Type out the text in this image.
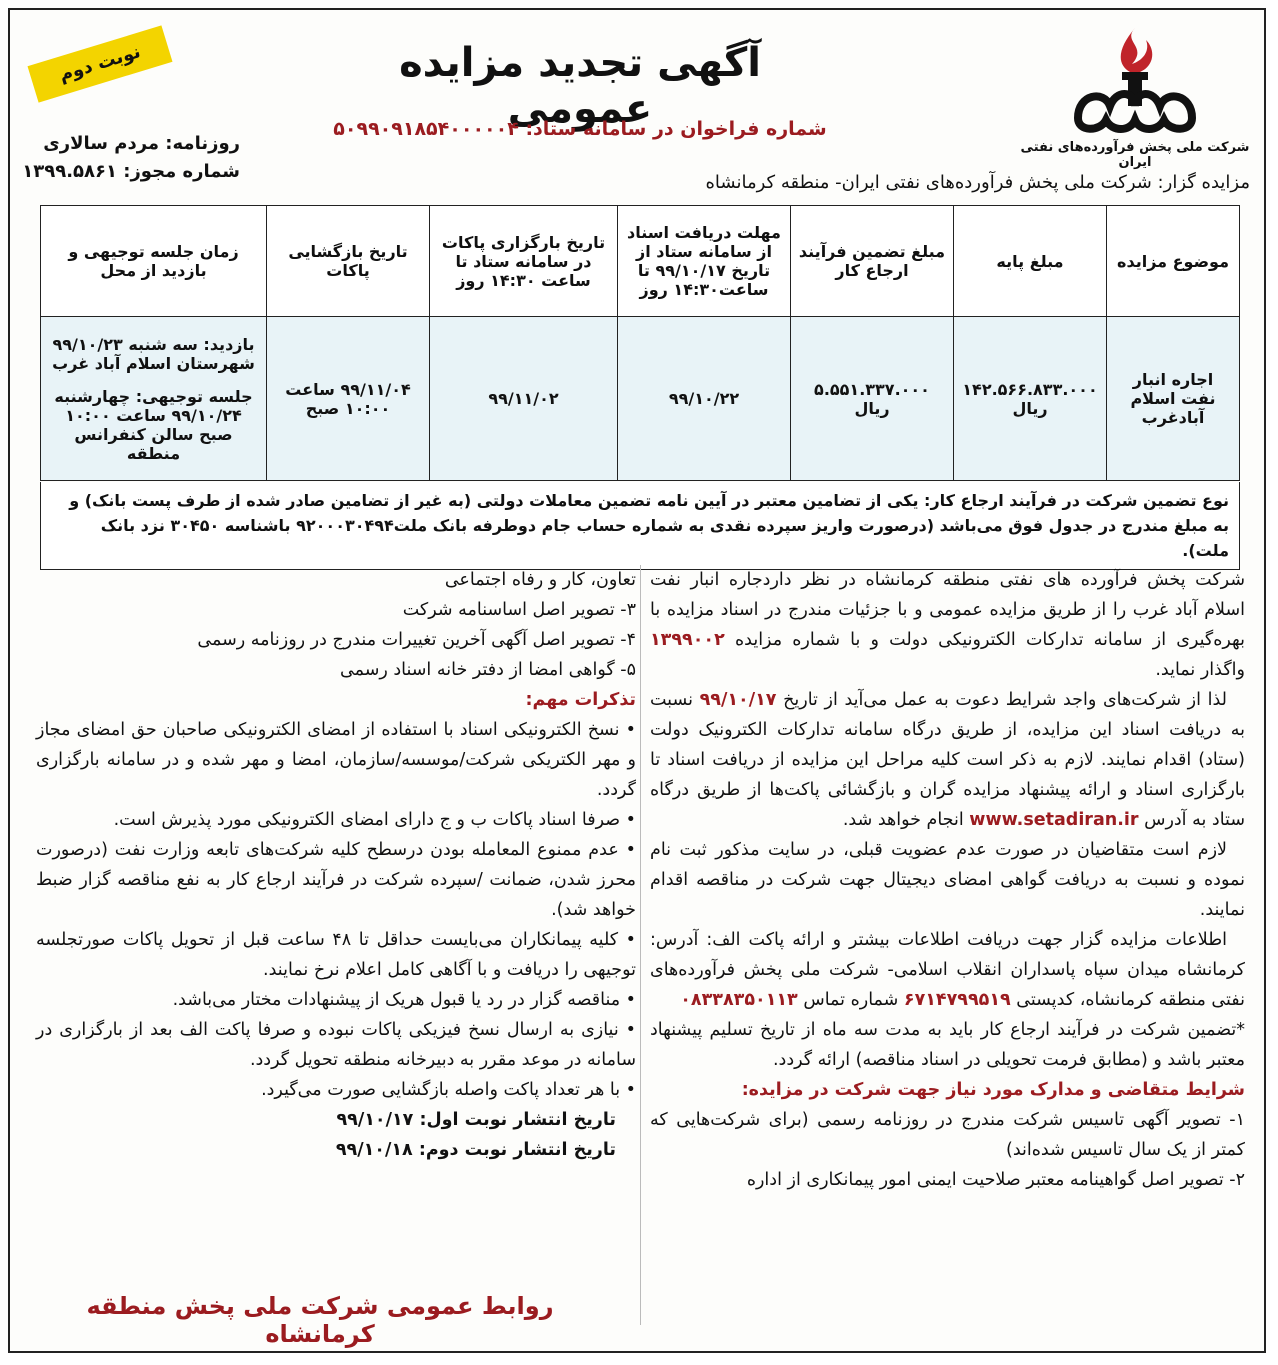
شرکت ملی پخش فرآورده‌های نفتی ایران
آگهی تجدید مزایده عمومی
شماره فراخوان در سامانه ستاد: ۵۰۹۹۰۹۱۸۵۴۰۰۰۰۰۴
نوبت دوم
روزنامه: مردم سالاری
شماره مجوز: ۱۳۹۹.۵۸۶۱
مزایده گزار: شرکت ملی پخش فرآورده‌های نفتی ایران- منطقه کرمانشاه
موضوع مزایده	مبلغ پایه	مبلغ تضمین فرآیند ارجاع کار	مهلت دریافت اسناد از سامانه ستاد از تاریخ ۹۹/۱۰/۱۷ تا ساعت۱۴:۳۰ روز	تاریخ بارگزاری پاکات در سامانه ستاد تا ساعت ۱۴:۳۰ روز	تاریخ بازگشایی پاکات	زمان جلسه توجیهی و بازدید از محل
اجاره انبار نفت اسلام آبادغرب	۱۴۲.۵۶۶.۸۳۳.۰۰۰ ریال	۵.۵۵۱.۳۳۷.۰۰۰ ریال	۹۹/۱۰/۲۲	۹۹/۱۱/۰۲	۹۹/۱۱/۰۴ ساعت ۱۰:۰۰ صبح	بازدید: سه شنبه ۹۹/۱۰/۲۳ شهرستان اسلام آباد غرب
جلسه توجیهی: چهارشنبه ۹۹/۱۰/۲۴ ساعت ۱۰:۰۰ صبح سالن کنفرانس منطقه
نوع تضمین شرکت در فرآیند ارجاع کار: یکی از تضامین معتبر در آیین نامه تضمین معاملات دولتی (به غیر از تضامین صادر شده از طرف پست بانک) و به مبلغ مندرج در جدول فوق می‌باشد (درصورت واریز سپرده نقدی به شماره حساب جام دوطرفه بانک ملت۹۲۰۰۰۳۰۴۹۴ باشناسه ۳۰۴۵۰ نزد بانک ملت).

شرکت پخش فرآورده های نفتی منطقه کرمانشاه در نظر داردجاره انبار نفت اسلام آباد غرب را از طریق مزایده عمومی و با جزئیات مندرج در اسناد مزایده با بهره‌گیری از سامانه تدارکات الکترونیکی دولت و با شماره مزایده ۱۳۹۹۰۰۲ واگذار نماید.

لذا از شرکت‌های واجد شرایط دعوت به عمل می‌آید از تاریخ ۹۹/۱۰/۱۷ نسبت به دریافت اسناد این مزایده، از طریق درگاه سامانه تدارکات الکترونیک دولت (ستاد) اقدام نمایند. لازم به ذکر است کلیه مراحل این مزایده از دریافت اسناد تا بارگزاری اسناد و ارائه پیشنهاد مزایده گران و بازگشائی پاکت‌ها از طریق درگاه ستاد به آدرس www.setadiran.ir انجام خواهد شد.

لازم است متقاضیان در صورت عدم عضویت قبلی، در سایت مذکور ثبت نام نموده و نسبت به دریافت گواهی امضای دیجیتال جهت شرکت در مناقصه اقدام نمایند.

اطلاعات مزایده گزار جهت دریافت اطلاعات بیشتر و ارائه پاکت الف: آدرس: کرمانشاه میدان سپاه پاسداران انقلاب اسلامی- شرکت ملی پخش فرآورده‌های نفتی منطقه کرمانشاه، کدپستی ۶۷۱۴۷۹۹۵۱۹ شماره تماس ۰۸۳۳۸۳۵۰۱۱۳

*تضمین شرکت در فرآیند ارجاع کار باید به مدت سه ماه از تاریخ تسلیم پیشنهاد معتبر باشد و (مطابق فرمت تحویلی در اسناد مناقصه) ارائه گردد.

شرایط متقاضی و مدارک مورد نیاز جهت شرکت در مزایده:

۱- تصویر آگهی تاسیس شرکت مندرج در روزنامه رسمی (برای شرکت‌هایی که کمتر از یک سال تاسیس شده‌اند)

۲- تصویر اصل گواهینامه معتبر صلاحیت ایمنی امور پیمانکاری از اداره

تعاون، کار و رفاه اجتماعی

۳- تصویر اصل اساسنامه شرکت

۴- تصویر اصل آگهی آخرین تغییرات مندرج در روزنامه رسمی

۵- گواهی امضا از دفتر خانه اسناد رسمی

تذکرات مهم:

• نسخ الکترونیکی اسناد با استفاده از امضای الکترونیکی صاحبان حق امضای مجاز و مهر الکتریکی شرکت/موسسه/سازمان، امضا و مهر شده و در سامانه بارگزاری گردد.

• صرفا اسناد پاکات ب و ج دارای امضای الکترونیکی مورد پذیرش است.

• عدم ممنوع المعامله بودن درسطح کلیه شرکت‌های تابعه وزارت نفت (درصورت محرز شدن، ضمانت /سپرده شرکت در فرآیند ارجاع کار به نفع مناقصه گزار ضبط خواهد شد).

• کلیه پیمانکاران می‌بایست حداقل تا ۴۸ ساعت قبل از تحویل پاکات صورتجلسه توجیهی را دریافت و با آگاهی کامل اعلام نرخ نمایند.

• مناقصه گزار در رد یا قبول هریک از پیشنهادات مختار می‌باشد.

• نیازی به ارسال نسخ فیزیکی پاکات نبوده و صرفا پاکت الف بعد از بارگزاری در سامانه در موعد مقرر به دبیرخانه منطقه تحویل گردد.

• با هر تعداد پاکت واصله بازگشایی صورت می‌گیرد.

تاریخ انتشار نوبت اول: ۹۹/۱۰/۱۷

تاریخ انتشار نوبت دوم: ۹۹/۱۰/۱۸

روابط عمومی شرکت ملی پخش منطقه کرمانشاه
